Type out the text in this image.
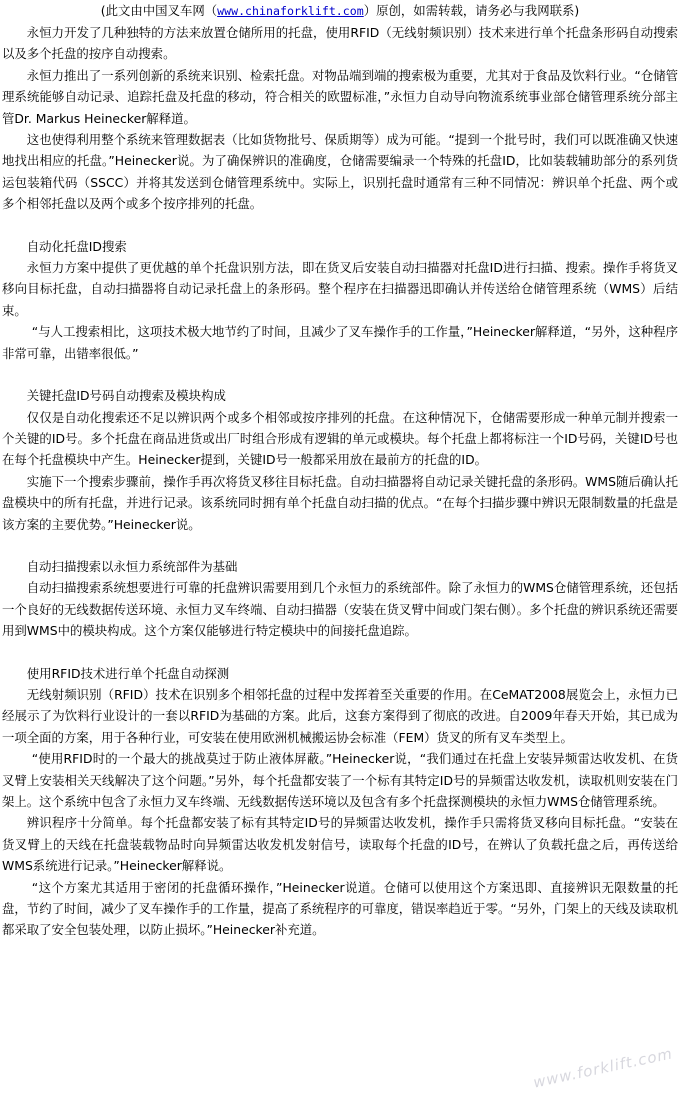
(此文由中国叉车网（www.chinaforklift.com）原创，如需转载，请务必与我网联系)

永恒力开发了几种独特的方法来放置仓储所用的托盘，使用RFID（无线射频识别）技术来进行单个托盘条形码自动搜索以及多个托盘的按序自动搜索。

永恒力推出了一系列创新的系统来识别、检索托盘。对物品端到端的搜索极为重要，尤其对于食品及饮料行业。“仓储管理系统能够自动记录、追踪托盘及托盘的移动，符合相关的欧盟标准，”永恒力自动导向物流系统事业部仓储管理系统分部主管Dr. Markus Heinecker解释道。

这也使得利用整个系统来管理数据表（比如货物批号、保质期等）成为可能。“提到一个批号时，我们可以既准确又快速地找出相应的托盘。”Heinecker说。为了确保辨识的准确度，仓储需要编录一个特殊的托盘ID，比如装载辅助部分的系列货运包装箱代码（SSCC）并将其发送到仓储管理系统中。实际上，识别托盘时通常有三种不同情况：辨识单个托盘、两个或多个相邻托盘以及两个或多个按序排列的托盘。

自动化托盘ID搜索

永恒力方案中提供了更优越的单个托盘识别方法，即在货叉后安装自动扫描器对托盘ID进行扫描、搜索。操作手将货叉移向目标托盘，自动扫描器将自动记录托盘上的条形码。整个程序在扫描器迅即确认并传送给仓储管理系统（WMS）后结束。

“与人工搜索相比，这项技术极大地节约了时间，且减少了叉车操作手的工作量，”Heinecker解释道，“另外，这种程序非常可靠，出错率很低。”

关键托盘ID号码自动搜索及模块构成

仅仅是自动化搜索还不足以辨识两个或多个相邻或按序排列的托盘。在这种情况下，仓储需要形成一种单元制并搜索一个关键的ID号。多个托盘在商品进货或出厂时组合形成有逻辑的单元或模块。每个托盘上都将标注一个ID号码，关键ID号也在每个托盘模块中产生。Heinecker提到，关键ID号一般都采用放在最前方的托盘的ID。

实施下一个搜索步骤前，操作手再次将货叉移往目标托盘。自动扫描器将自动记录关键托盘的条形码。WMS随后确认托盘模块中的所有托盘，并进行记录。该系统同时拥有单个托盘自动扫描的优点。“在每个扫描步骤中辨识无限制数量的托盘是该方案的主要优势。”Heinecker说。

自动扫描搜索以永恒力系统部件为基础

自动扫描搜索系统想要进行可靠的托盘辨识需要用到几个永恒力的系统部件。除了永恒力的WMS仓储管理系统，还包括一个良好的无线数据传送环境、永恒力叉车终端、自动扫描器（安装在货叉臂中间或门架右侧）。多个托盘的辨识系统还需要用到WMS中的模块构成。这个方案仅能够进行特定模块中的间接托盘追踪。

使用RFID技术进行单个托盘自动探测

无线射频识别（RFID）技术在识别多个相邻托盘的过程中发挥着至关重要的作用。在CeMAT2008展览会上，永恒力已经展示了为饮料行业设计的一套以RFID为基础的方案。此后，这套方案得到了彻底的改进。自2009年春天开始，其已成为一项全面的方案，用于各种行业，可安装在使用欧洲机械搬运协会标准（FEM）货叉的所有叉车类型上。

“使用RFID时的一个最大的挑战莫过于防止液体屏蔽。”Heinecker说，“我们通过在托盘上安装异频雷达收发机、在货叉臂上安装相关天线解决了这个问题。”另外，每个托盘都安装了一个标有其特定ID号的异频雷达收发机，读取机则安装在门架上。这个系统中包含了永恒力叉车终端、无线数据传送环境以及包含有多个托盘探测模块的永恒力WMS仓储管理系统。

辨识程序十分简单。每个托盘都安装了标有其特定ID号的异频雷达收发机，操作手只需将货叉移向目标托盘。“安装在货叉臂上的天线在托盘装载物品时向异频雷达收发机发射信号，读取每个托盘的ID号，在辨认了负载托盘之后，再传送给WMS系统进行记录。”Heinecker解释说。

“这个方案尤其适用于密闭的托盘循环操作，”Heinecker说道。仓储可以使用这个方案迅即、直接辨识无限数量的托盘，节约了时间，减少了叉车操作手的工作量，提高了系统程序的可靠度，错误率趋近于零。“另外，门架上的天线及读取机都采取了安全包装处理，以防止损坏。”Heinecker补充道。

www.forklift.com
